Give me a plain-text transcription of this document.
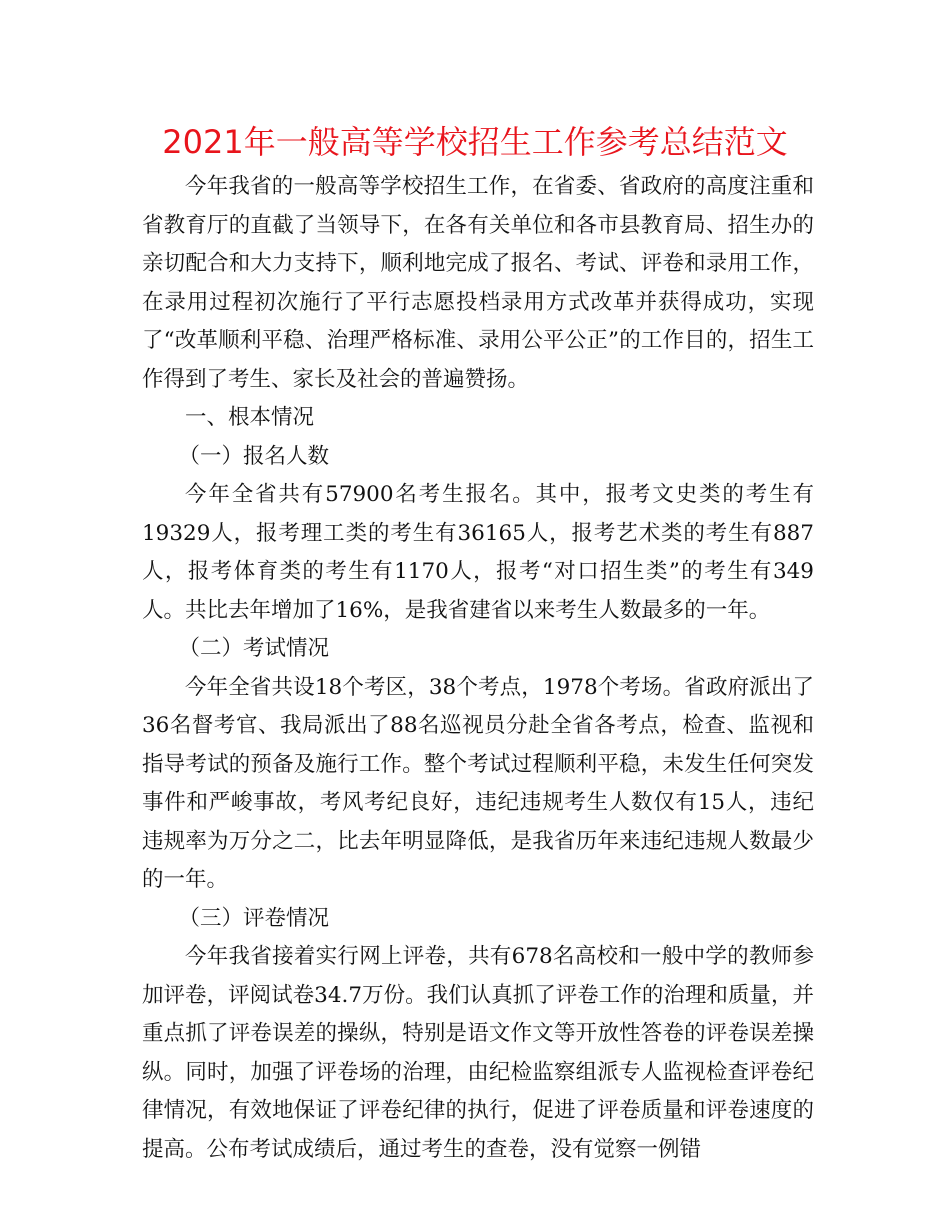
2021年一般高等学校招生工作参考总结范文

今年我省的一般高等学校招生工作，在省委、省政府的高度注重和省教育厅的直截了当领导下，在各有关单位和各市县教育局、招生办的亲切配合和大力支持下，顺利地完成了报名、考试、评卷和录用工作，在录用过程初次施行了平行志愿投档录用方式改革并获得成功，实现了“改革顺利平稳、治理严格标准、录用公平公正”的工作目的，招生工作得到了考生、家长及社会的普遍赞扬。

一、根本情况

（一）报名人数

今年全省共有57900名考生报名。其中，报考文史类的考生有19329人，报考理工类的考生有36165人，报考艺术类的考生有887人，报考体育类的考生有1170人，报考“对口招生类”的考生有349人。共比去年增加了16%，是我省建省以来考生人数最多的一年。

（二）考试情况

今年全省共设18个考区，38个考点，1978个考场。省政府派出了36名督考官、我局派出了88名巡视员分赴全省各考点，检查、监视和指导考试的预备及施行工作。整个考试过程顺利平稳，未发生任何突发事件和严峻事故，考风考纪良好，违纪违规考生人数仅有15人，违纪违规率为万分之二，比去年明显降低，是我省历年来违纪违规人数最少的一年。

（三）评卷情况

今年我省接着实行网上评卷，共有678名高校和一般中学的教师参加评卷，评阅试卷34.7万份。我们认真抓了评卷工作的治理和质量，并重点抓了评卷误差的操纵，特别是语文作文等开放性答卷的评卷误差操纵。同时，加强了评卷场的治理，由纪检监察组派专人监视检查评卷纪律情况，有效地保证了评卷纪律的执行，促进了评卷质量和评卷速度的提高。公布考试成绩后，通过考生的查卷，没有觉察一例错
